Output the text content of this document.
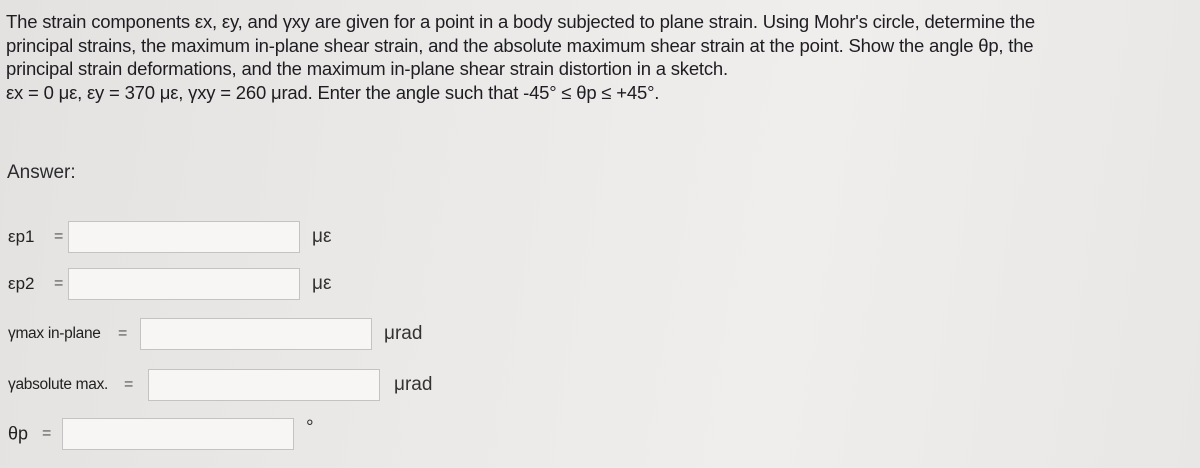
The strain components εx, εy, and γxy are given for a point in a body subjected to plane strain. Using Mohr's circle, determine the

principal strains, the maximum in-plane shear strain, and the absolute maximum shear strain at the point. Show the angle θp, the

principal strain deformations, and the maximum in-plane shear strain distortion in a sketch.

εx = 0 με, εy = 370 με, γxy = 260 μrad. Enter the angle such that -45° ≤ θp ≤ +45°.

Answer:
εp1 =	με
εp2 =	με
γmax in-plane =	μrad
γabsolute max. =	μrad
θp =	°
